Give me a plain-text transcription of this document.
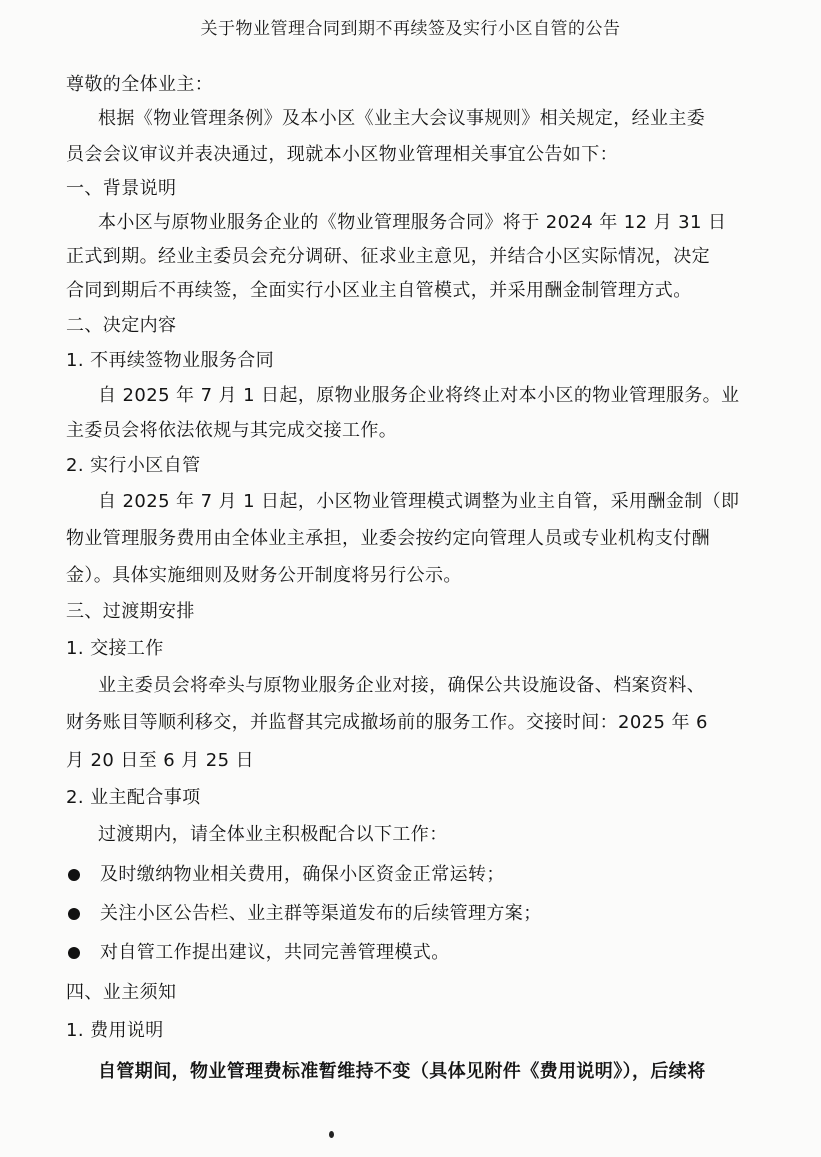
关于物业管理合同到期不再续签及实行小区自管的公告
尊敬的全体业主：
根据《物业管理条例》及本小区《业主大会议事规则》相关规定，经业主委
员会会议审议并表决通过，现就本小区物业管理相关事宜公告如下：
一、背景说明
本小区与原物业服务企业的《物业管理服务合同》将于 2024 年 12 月 31 日
正式到期。经业主委员会充分调研、征求业主意见，并结合小区实际情况，决定
合同到期后不再续签，全面实行小区业主自管模式，并采用酬金制管理方式。
二、决定内容
1. 不再续签物业服务合同
自 2025 年 7 月 1 日起，原物业服务企业将终止对本小区的物业管理服务。业
主委员会将依法依规与其完成交接工作。
2. 实行小区自管
自 2025 年 7 月 1 日起，小区物业管理模式调整为业主自管，采用酬金制（即
物业管理服务费用由全体业主承担，业委会按约定向管理人员或专业机构支付酬
金）。具体实施细则及财务公开制度将另行公示。
三、过渡期安排
1. 交接工作
业主委员会将牵头与原物业服务企业对接，确保公共设施设备、档案资料、
财务账目等顺利移交，并监督其完成撤场前的服务工作。交接时间：2025 年 6
月 20 日至 6 月 25 日
2. 业主配合事项
过渡期内，请全体业主积极配合以下工作：
及时缴纳物业相关费用，确保小区资金正常运转；
关注小区公告栏、业主群等渠道发布的后续管理方案；
对自管工作提出建议，共同完善管理模式。
四、业主须知
1. 费用说明
自管期间，物业管理费标准暂维持不变（具体见附件《费用说明》），后续将
